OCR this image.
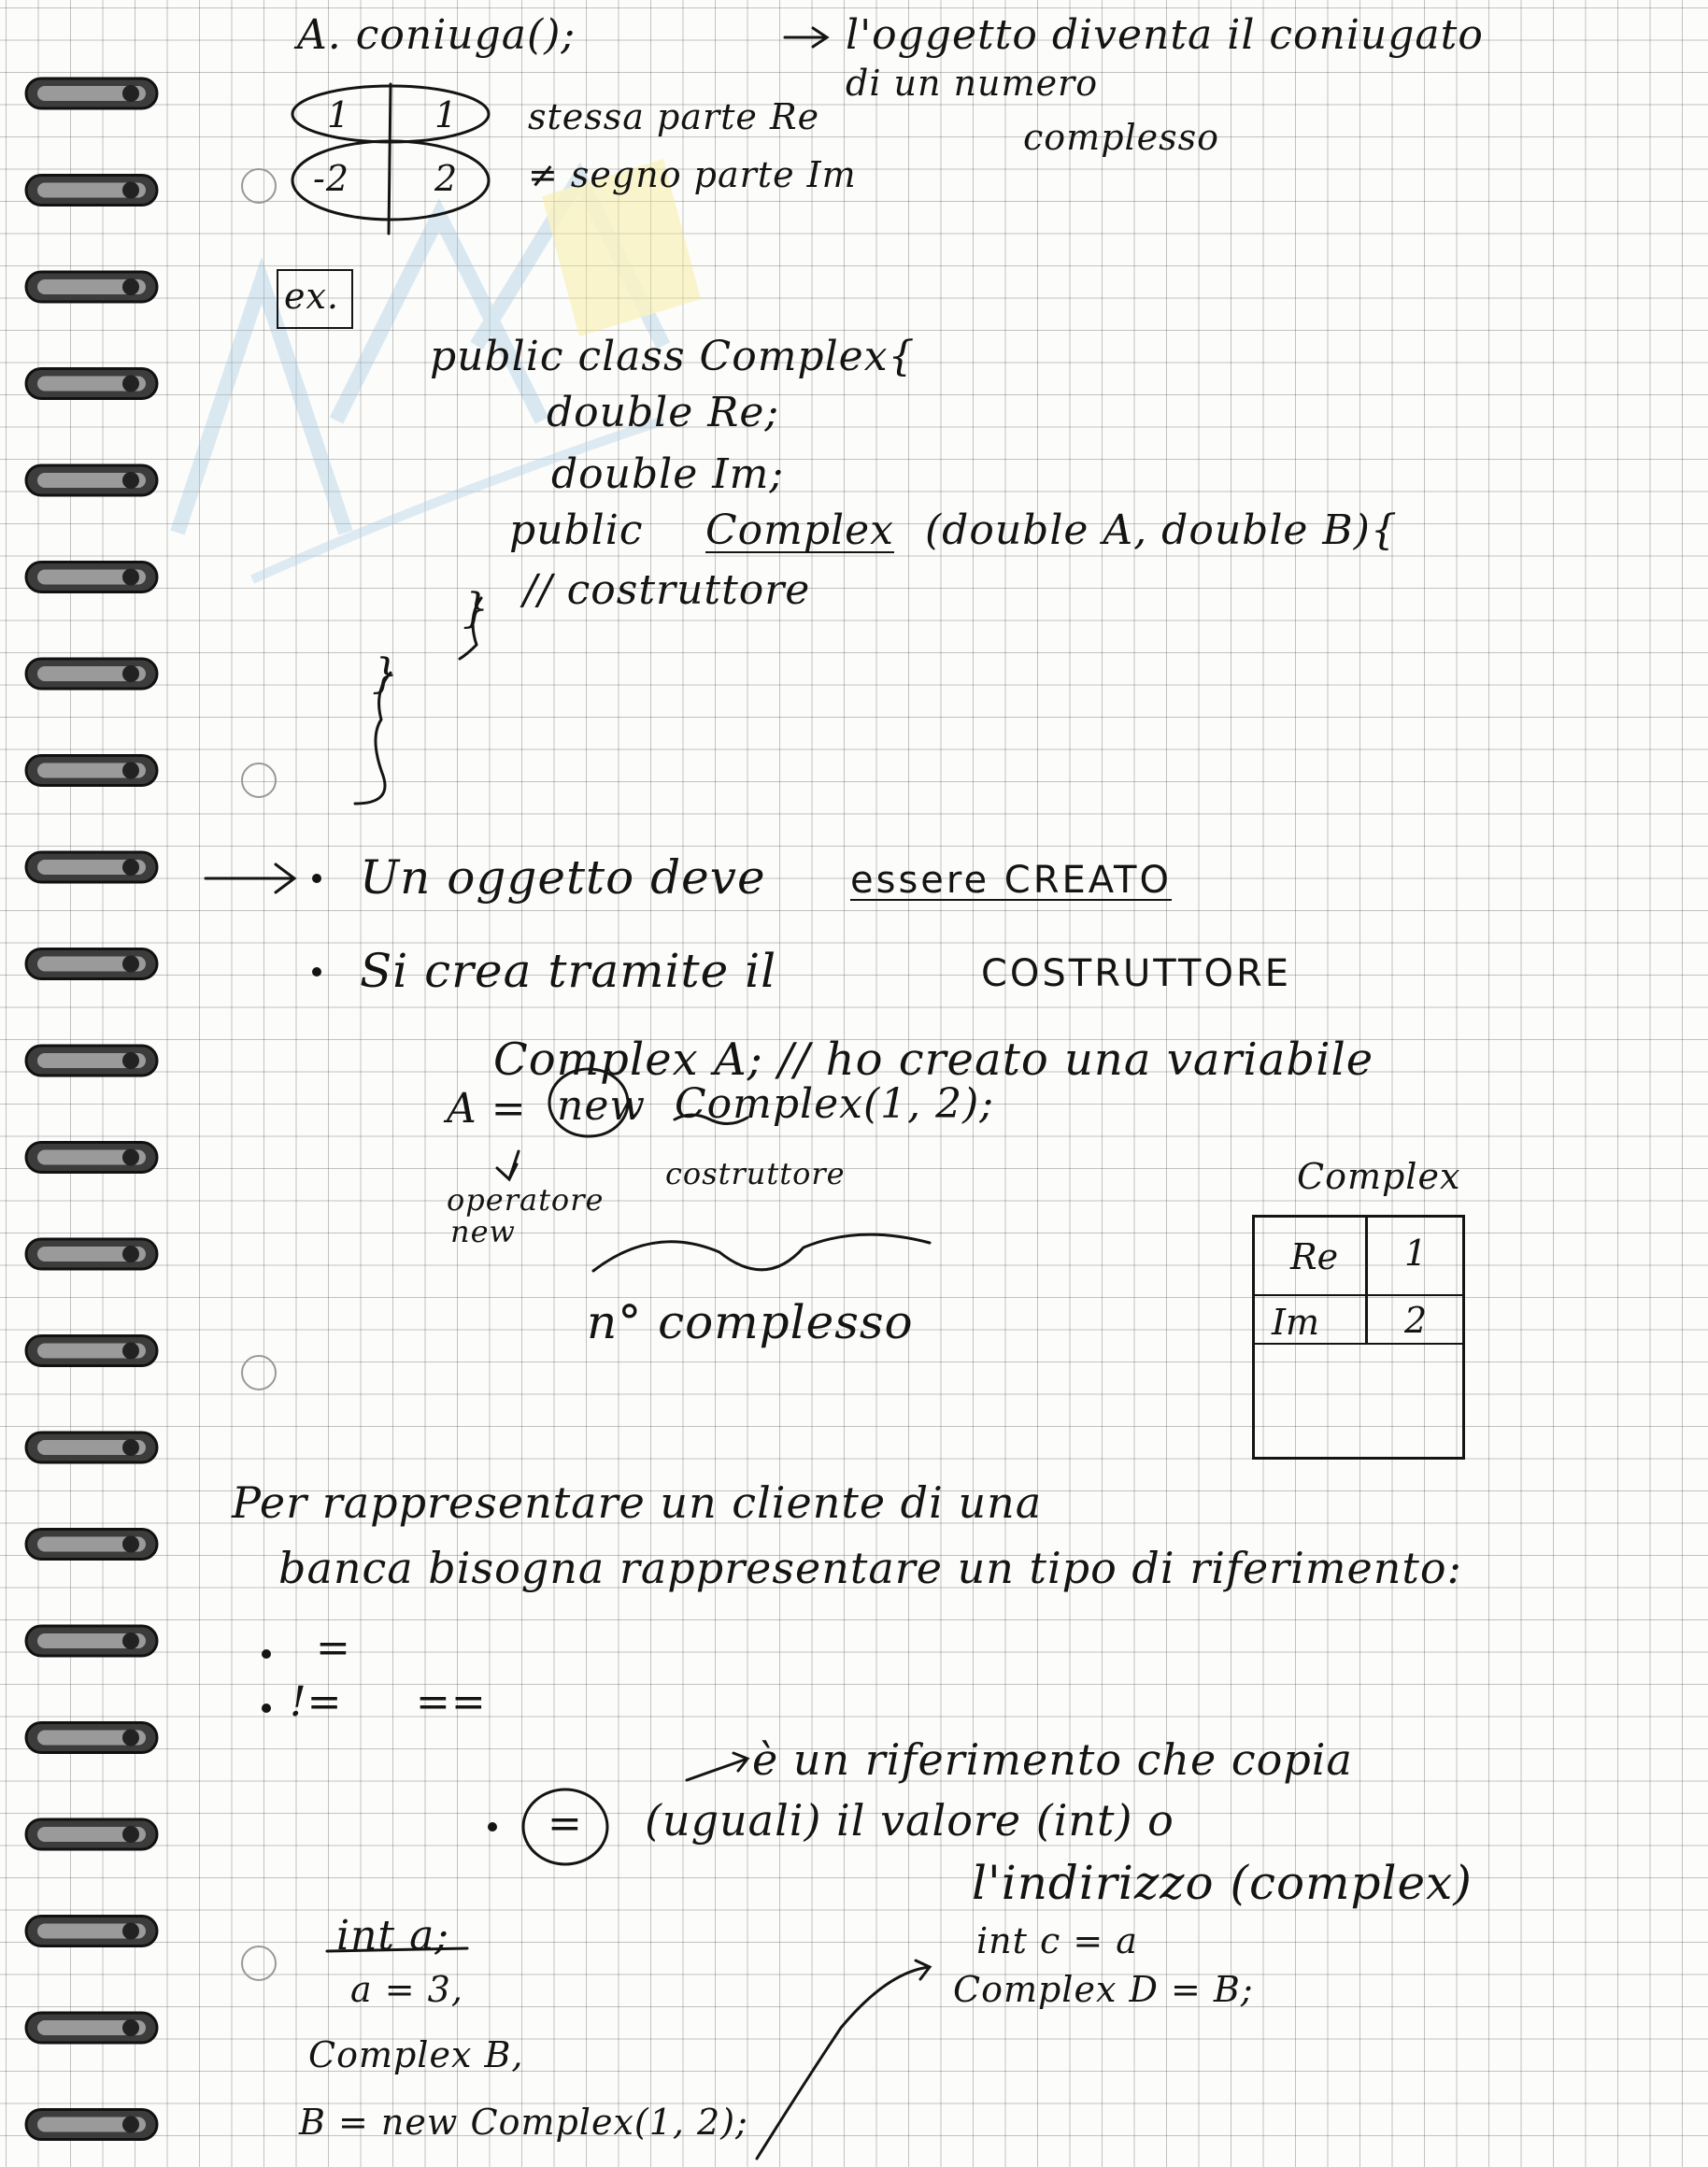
A. coniuga();	l'oggetto diventa il coniugato
di un numero
complesso
1 1 stessa parte Re
-2 2 ≠ segno parte Im
ex.
public class Complex{
double Re;
double Im;
public Complex (double A, double B){
// costruttore
}
}
Un oggetto deve essere CREATO
Si crea tramite il	COSTRUTTORE
Complex A; // ho creato una variabile
A = new Complex(1, 2);
costruttore
operatore
new
n° complesso
Complex
Re 1
Im 2
Per rappresentare un cliente di una
banca bisogna rappresentare un tipo di riferimento:
=
!= ==
=
è un riferimento che copia
(uguali) il valore (int) o
l'indirizzo (complex)
int a;
a = 3,
Complex B,
B = new Complex(1, 2);
int c = a
Complex D = B;
